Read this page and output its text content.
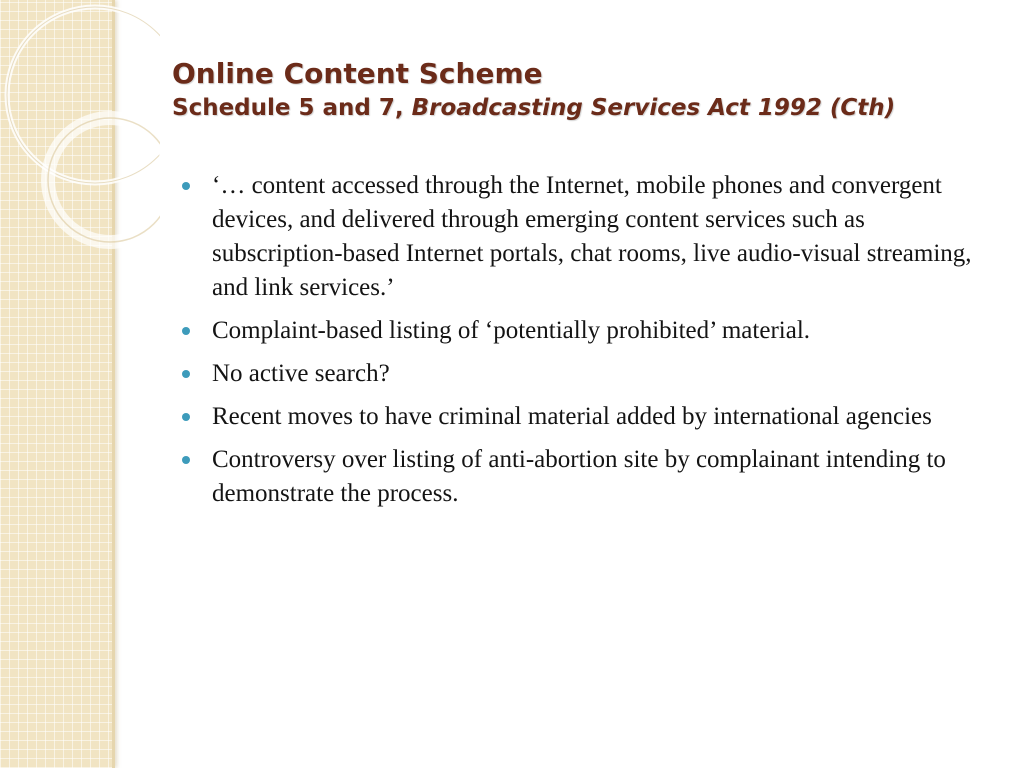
Online Content Scheme

Schedule 5 and 7, Broadcasting Services Act 1992 (Cth)

‘… content accessed through the Internet, mobile phones and convergent devices, and delivered through emerging content services such as subscription-based Internet portals, chat rooms, live audio-visual streaming, and link services.’
Complaint-based listing of ‘potentially prohibited’ material.
No active search?
Recent moves to have criminal material added by international agencies
Controversy over listing of anti-abortion site by complainant intending to demonstrate the process.
